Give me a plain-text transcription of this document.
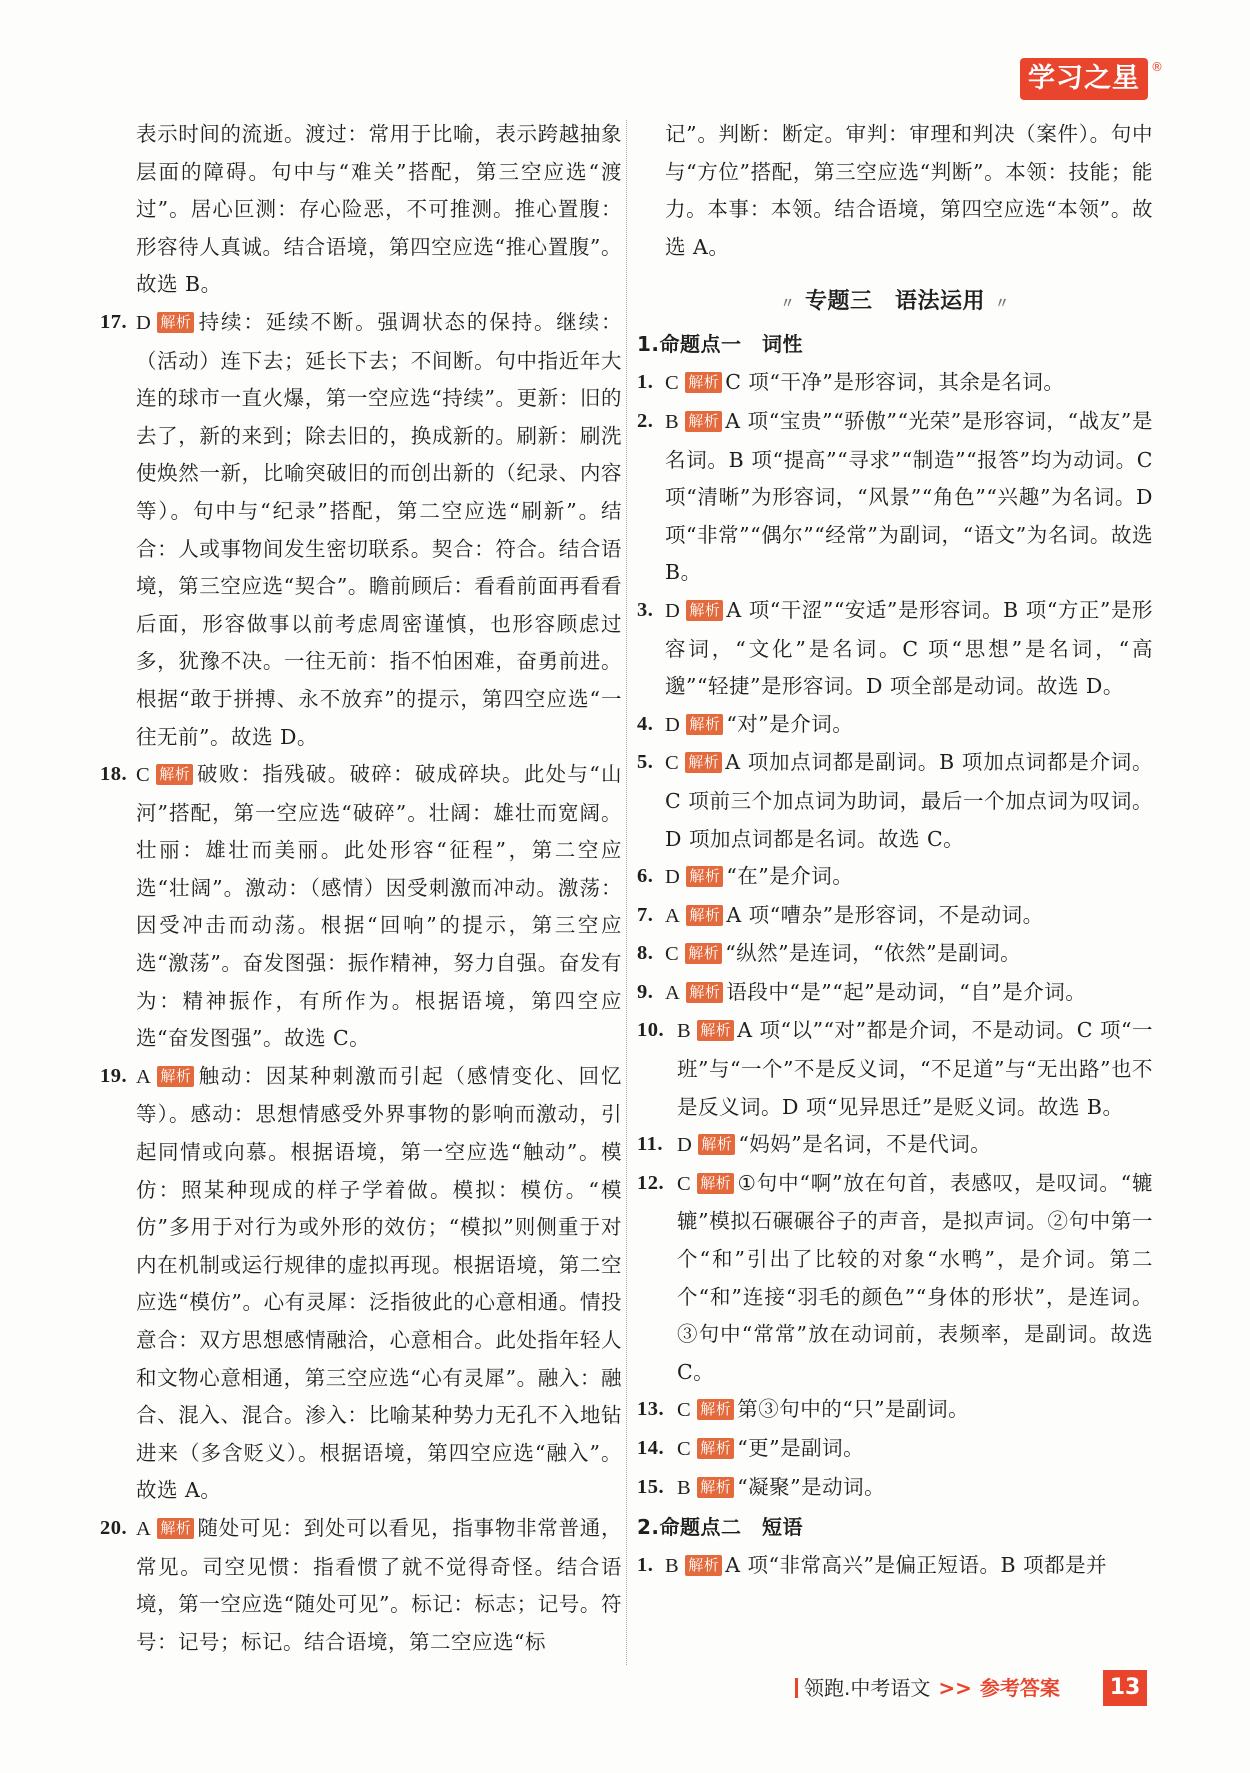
学习之星 ®
表示时间的流逝。渡过：常用于比喻，表示跨越抽象层面的障碍。句中与“难关”搭配，第三空应选“渡过”。居心叵测：存心险恶，不可推测。推心置腹：形容待人真诚。结合语境，第四空应选“推心置腹”。故选 B。
17. D 解析 持续：延续不断。强调状态的保持。继续：（活动）连下去；延长下去；不间断。句中指近年大连的球市一直火爆，第一空应选“持续”。更新：旧的去了，新的来到；除去旧的，换成新的。刷新：刷洗使焕然一新，比喻突破旧的而创出新的（纪录、内容等）。句中与“纪录”搭配，第二空应选“刷新”。结合：人或事物间发生密切联系。契合：符合。结合语境，第三空应选“契合”。瞻前顾后：看看前面再看看后面，形容做事以前考虑周密谨慎，也形容顾虑过多，犹豫不决。一往无前：指不怕困难，奋勇前进。根据“敢于拼搏、永不放弃”的提示，第四空应选“一往无前”。故选 D。
18. C 解析 破败：指残破。破碎：破成碎块。此处与“山河”搭配，第一空应选“破碎”。壮阔：雄壮而宽阔。壮丽：雄壮而美丽。此处形容“征程”，第二空应选“壮阔”。激动：（感情）因受刺激而冲动。激荡：因受冲击而动荡。根据“回响”的提示，第三空应选“激荡”。奋发图强：振作精神，努力自强。奋发有为：精神振作，有所作为。根据语境，第四空应选“奋发图强”。故选 C。
19. A 解析 触动：因某种刺激而引起（感情变化、回忆等）。感动：思想情感受外界事物的影响而激动，引起同情或向慕。根据语境，第一空应选“触动”。模仿：照某种现成的样子学着做。模拟：模仿。“模仿”多用于对行为或外形的效仿；“模拟”则侧重于对内在机制或运行规律的虚拟再现。根据语境，第二空应选“模仿”。心有灵犀：泛指彼此的心意相通。情投意合：双方思想感情融洽，心意相合。此处指年轻人和文物心意相通，第三空应选“心有灵犀”。融入：融合、混入、混合。渗入：比喻某种势力无孔不入地钻进来（多含贬义）。根据语境，第四空应选“融入”。故选 A。
20. A 解析 随处可见：到处可以看见，指事物非常普通，常见。司空见惯：指看惯了就不觉得奇怪。结合语境，第一空应选“随处可见”。标记：标志；记号。符号：记号；标记。结合语境，第二空应选“标
记”。判断：断定。审判：审理和判决（案件）。句中与“方位”搭配，第三空应选“判断”。本领：技能；能力。本事：本领。结合语境，第四空应选“本领”。故选 A。
〃 专题三　语法运用 〃
1.命题点一　词性
1. C 解析 C 项“干净”是形容词，其余是名词。
2. B 解析 A 项“宝贵”“骄傲”“光荣”是形容词，“战友”是名词。B 项“提高”“寻求”“制造”“报答”均为动词。C 项“清晰”为形容词，“风景”“角色”“兴趣”为名词。D 项“非常”“偶尔”“经常”为副词，“语文”为名词。故选 B。
3. D 解析 A 项“干涩”“安适”是形容词。B 项“方正”是形容词，“文化”是名词。C 项“思想”是名词，“高邈”“轻捷”是形容词。D 项全部是动词。故选 D。
4. D 解析 “对”是介词。
5. C 解析 A 项加点词都是副词。B 项加点词都是介词。C 项前三个加点词为助词，最后一个加点词为叹词。D 项加点词都是名词。故选 C。
6. D 解析 “在”是介词。
7. A 解析 A 项“嘈杂”是形容词，不是动词。
8. C 解析 “纵然”是连词，“依然”是副词。
9. A 解析 语段中“是”“起”是动词，“自”是介词。
10. B 解析 A 项“以”“对”都是介词，不是动词。C 项“一班”与“一个”不是反义词，“不足道”与“无出路”也不是反义词。D 项“见异思迁”是贬义词。故选 B。
11. D 解析 “妈妈”是名词，不是代词。
12. C 解析 ①句中“啊”放在句首，表感叹，是叹词。“辘辘”模拟石碾碾谷子的声音，是拟声词。②句中第一个“和”引出了比较的对象“水鸭”，是介词。第二个“和”连接“羽毛的颜色”“身体的形状”，是连词。③句中“常常”放在动词前，表频率，是副词。故选 C。
13. C 解析 第③句中的“只”是副词。
14. C 解析 “更”是副词。
15. B 解析 “凝聚”是动词。
2.命题点二　短语
1. B 解析 A 项“非常高兴”是偏正短语。B 项都是并
领跑.中考语文 >> 参考答案	13
